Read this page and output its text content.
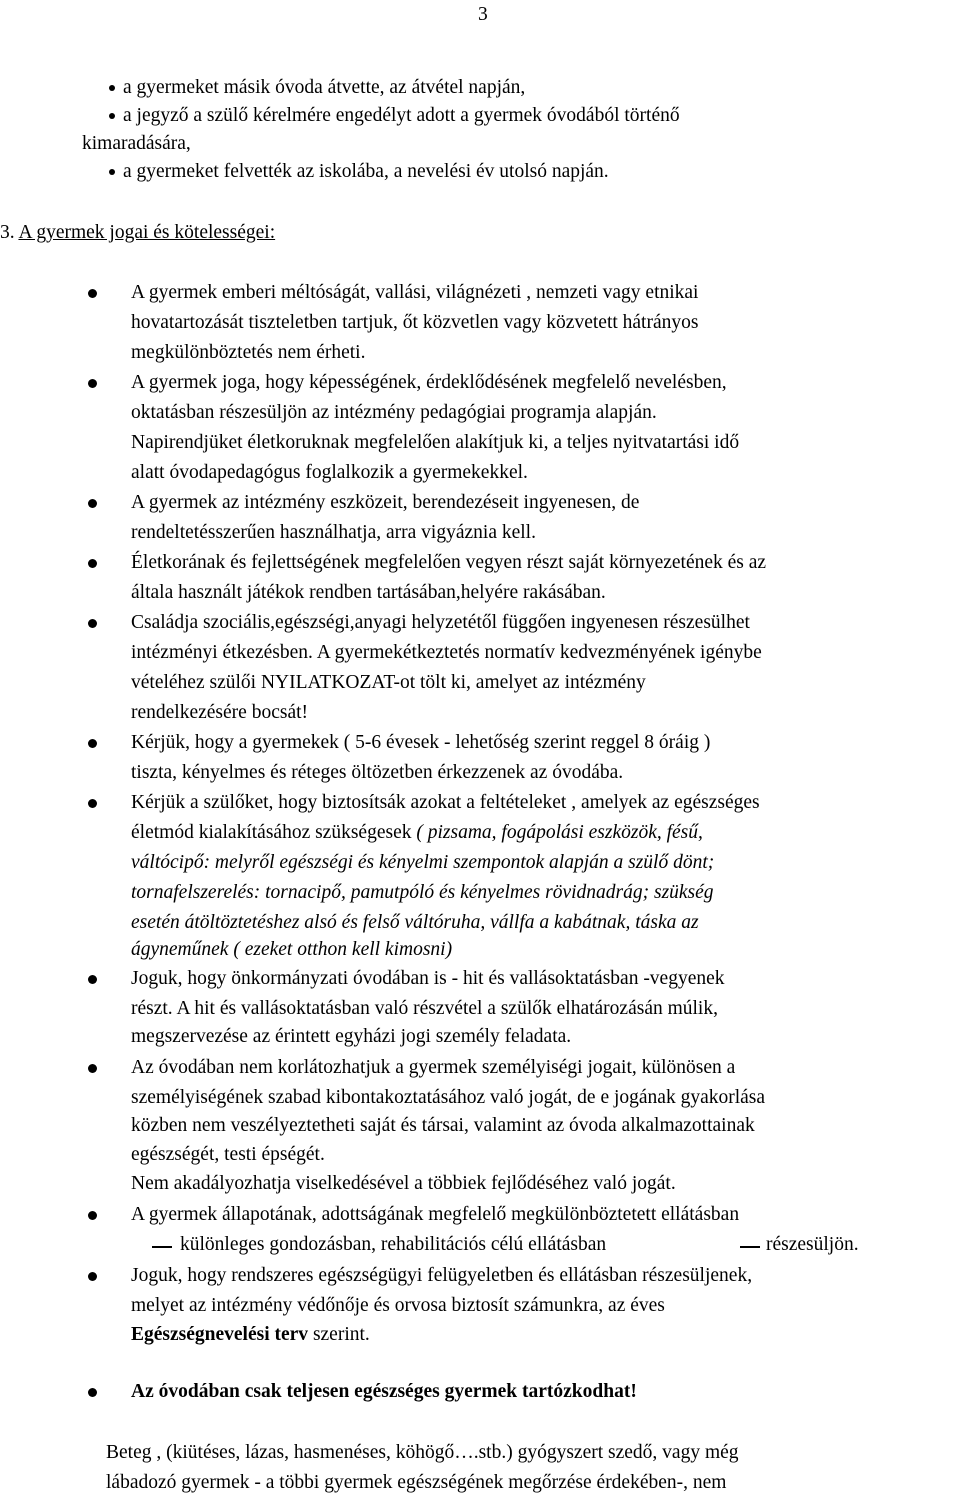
3
a gyermeket másik óvoda átvette, az átvétel napján,
a jegyző a szülő kérelmére engedélyt adott a gyermek óvodából történő
kimaradására,
a gyermeket felvették az iskolába, a nevelési év utolsó napján.
3. A gyermek jogai és kötelességei:
A gyermek emberi méltóságát, vallási, világnézeti , nemzeti vagy etnikai
hovatartozását tiszteletben tartjuk, őt közvetlen vagy közvetett hátrányos
megkülönböztetés nem érheti.
A gyermek joga, hogy képességének, érdeklődésének megfelelő nevelésben,
oktatásban részesüljön az intézmény pedagógiai programja alapján.
Napirendjüket életkoruknak megfelelően alakítjuk ki, a teljes nyitvatartási idő
alatt óvodapedagógus foglalkozik a gyermekekkel.
A gyermek az intézmény eszközeit, berendezéseit ingyenesen, de
rendeltetésszerűen használhatja, arra vigyáznia kell.
Életkorának és fejlettségének megfelelően vegyen részt saját környezetének és az
általa használt játékok rendben tartásában,helyére rakásában.
Családja szociális,egészségi,anyagi helyzetétől függően ingyenesen részesülhet
intézményi étkezésben. A gyermekétkeztetés normatív kedvezményének igénybe
vételéhez szülői NYILATKOZAT-ot tölt ki, amelyet az intézmény
rendelkezésére bocsát!
Kérjük, hogy a gyermekek ( 5-6 évesek - lehetőség szerint reggel 8 óráig )
tiszta, kényelmes és réteges öltözetben érkezzenek az óvodába.
Kérjük a szülőket, hogy biztosítsák azokat a feltételeket , amelyek az egészséges
életmód kialakításához szükségesek ( pizsama, fogápolási eszközök, fésű,
váltócipő: melyről egészségi és kényelmi szempontok alapján a szülő dönt;
tornafelszerelés: tornacipő, pamutpóló és kényelmes rövidnadrág; szükség
esetén átöltöztetéshez alsó és felső váltóruha, vállfa a kabátnak, táska az
ágyneműnek ( ezeket otthon kell kimosni)
Joguk, hogy önkormányzati óvodában is - hit és vallásoktatásban -vegyenek
részt. A hit és vallásoktatásban való részvétel a szülők elhatározásán múlik,
megszervezése az érintett egyházi jogi személy feladata.
Az óvodában nem korlátozhatjuk a gyermek személyiségi jogait, különösen a
személyiségének szabad kibontakoztatásához való jogát, de e jogának gyakorlása
közben nem veszélyeztetheti saját és társai, valamint az óvoda alkalmazottainak
egészségét, testi épségét.
Nem akadályozhatja viselkedésével a többiek fejlődéséhez való jogát.
A gyermek állapotának, adottságának megfelelő megkülönböztetett ellátásban
különleges gondozásban, rehabilitációs célú ellátásban	részesüljön.
Joguk, hogy rendszeres egészségügyi felügyeletben és ellátásban részesüljenek,
melyet az intézmény védőnője és orvosa biztosít számunkra, az éves
Egészségnevelési terv szerint.
Az óvodában csak teljesen egészséges gyermek tartózkodhat!
Beteg , (kiütéses, lázas, hasmenéses, köhögő….stb.) gyógyszert szedő, vagy még
lábadozó gyermek - a többi gyermek egészségének megőrzése érdekében-, nem
